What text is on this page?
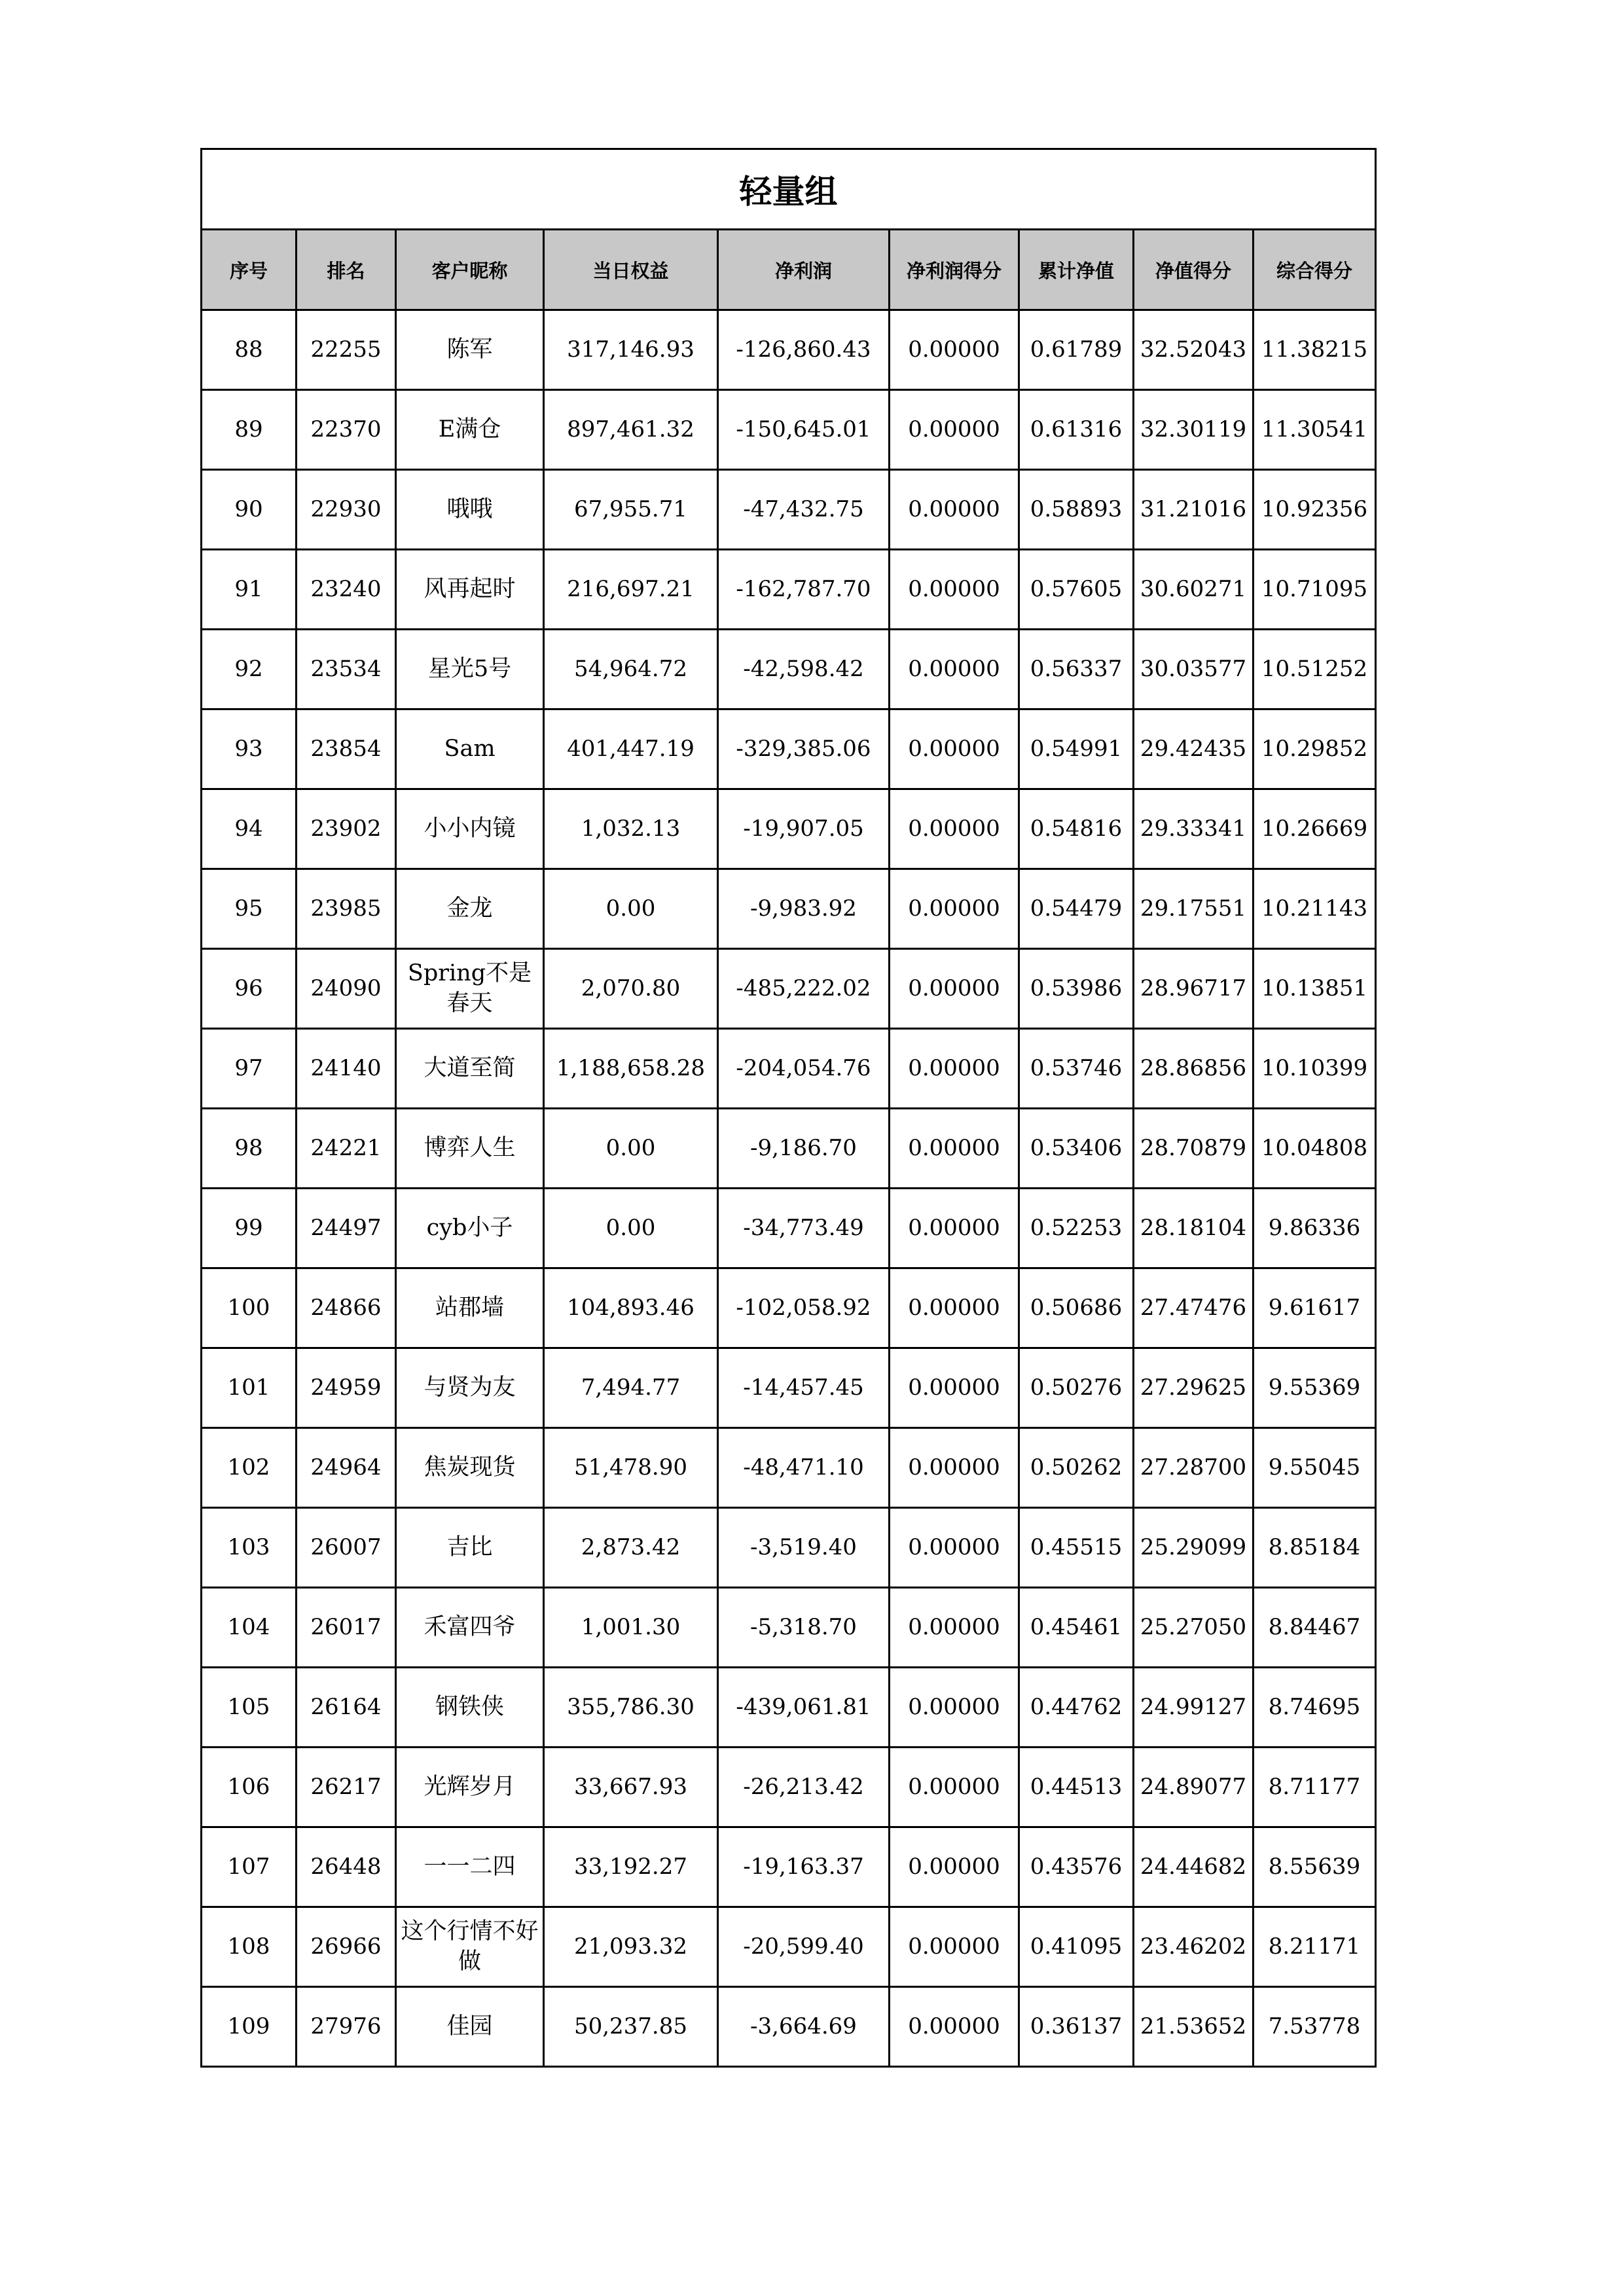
轻量组								
序号	排名	客户昵称	当日权益	净利润	净利润得分	累计净值	净值得分	综合得分
88	22255	陈军	317,146.93	-126,860.43	0.00000	0.61789	32.52043	11.38215
89	22370	E满仓	897,461.32	-150,645.01	0.00000	0.61316	32.30119	11.30541
90	22930	哦哦	67,955.71	-47,432.75	0.00000	0.58893	31.21016	10.92356
91	23240	风再起时	216,697.21	-162,787.70	0.00000	0.57605	30.60271	10.71095
92	23534	星光5号	54,964.72	-42,598.42	0.00000	0.56337	30.03577	10.51252
93	23854	Sam	401,447.19	-329,385.06	0.00000	0.54991	29.42435	10.29852
94	23902	小小内镜	1,032.13	-19,907.05	0.00000	0.54816	29.33341	10.26669
95	23985	金龙	0.00	-9,983.92	0.00000	0.54479	29.17551	10.21143
96	24090	Spring不是春天	2,070.80	-485,222.02	0.00000	0.53986	28.96717	10.13851
97	24140	大道至简	1,188,658.28	-204,054.76	0.00000	0.53746	28.86856	10.10399
98	24221	博弈人生	0.00	-9,186.70	0.00000	0.53406	28.70879	10.04808
99	24497	cyb小子	0.00	-34,773.49	0.00000	0.52253	28.18104	9.86336
100	24866	站郡墙	104,893.46	-102,058.92	0.00000	0.50686	27.47476	9.61617
101	24959	与贤为友	7,494.77	-14,457.45	0.00000	0.50276	27.29625	9.55369
102	24964	焦炭现货	51,478.90	-48,471.10	0.00000	0.50262	27.28700	9.55045
103	26007	吉比	2,873.42	-3,519.40	0.00000	0.45515	25.29099	8.85184
104	26017	禾富四爷	1,001.30	-5,318.70	0.00000	0.45461	25.27050	8.84467
105	26164	钢铁侠	355,786.30	-439,061.81	0.00000	0.44762	24.99127	8.74695
106	26217	光辉岁月	33,667.93	-26,213.42	0.00000	0.44513	24.89077	8.71177
107	26448	一一二四	33,192.27	-19,163.37	0.00000	0.43576	24.44682	8.55639
108	26966	这个行情不好做	21,093.32	-20,599.40	0.00000	0.41095	23.46202	8.21171
109	27976	佳园	50,237.85	-3,664.69	0.00000	0.36137	21.53652	7.53778
